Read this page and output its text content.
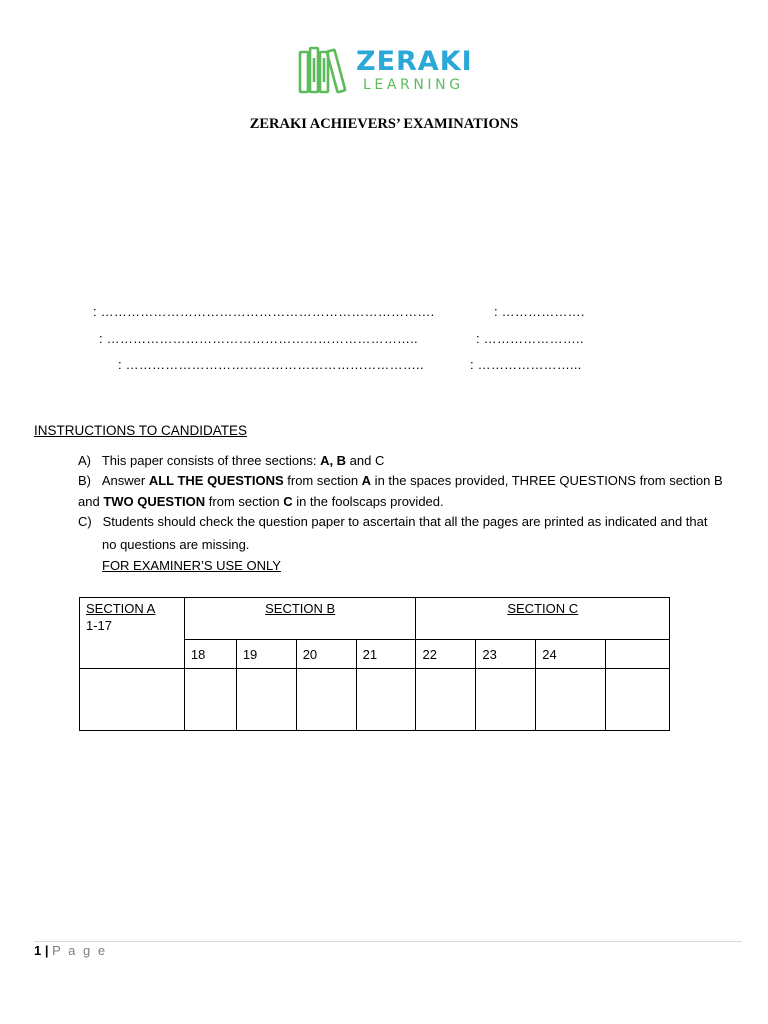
ZERAKI
LEARNING
ZERAKI ACHIEVERS’ EXAMINATIONS
: ………………………………………………………………….	: ……………….
: ……………………………………………………………..	: …………………..
: …………………………………………………………..	: …………………...
INSTRUCTIONS TO CANDIDATES
A) This paper consists of three sections: A, B and C
B) Answer ALL THE QUESTIONS from section A in the spaces provided, THREE QUESTIONS from section B
and TWO QUESTION from section C in the foolscaps provided.
C) Students should check the question paper to ascertain that all the pages are printed as indicated and that
no questions are missing.
FOR EXAMINER’S USE ONLY
SECTION A
1-17	SECTION B				SECTION C			
	18	19	20	21	22	23	24	

1 | P a g e
